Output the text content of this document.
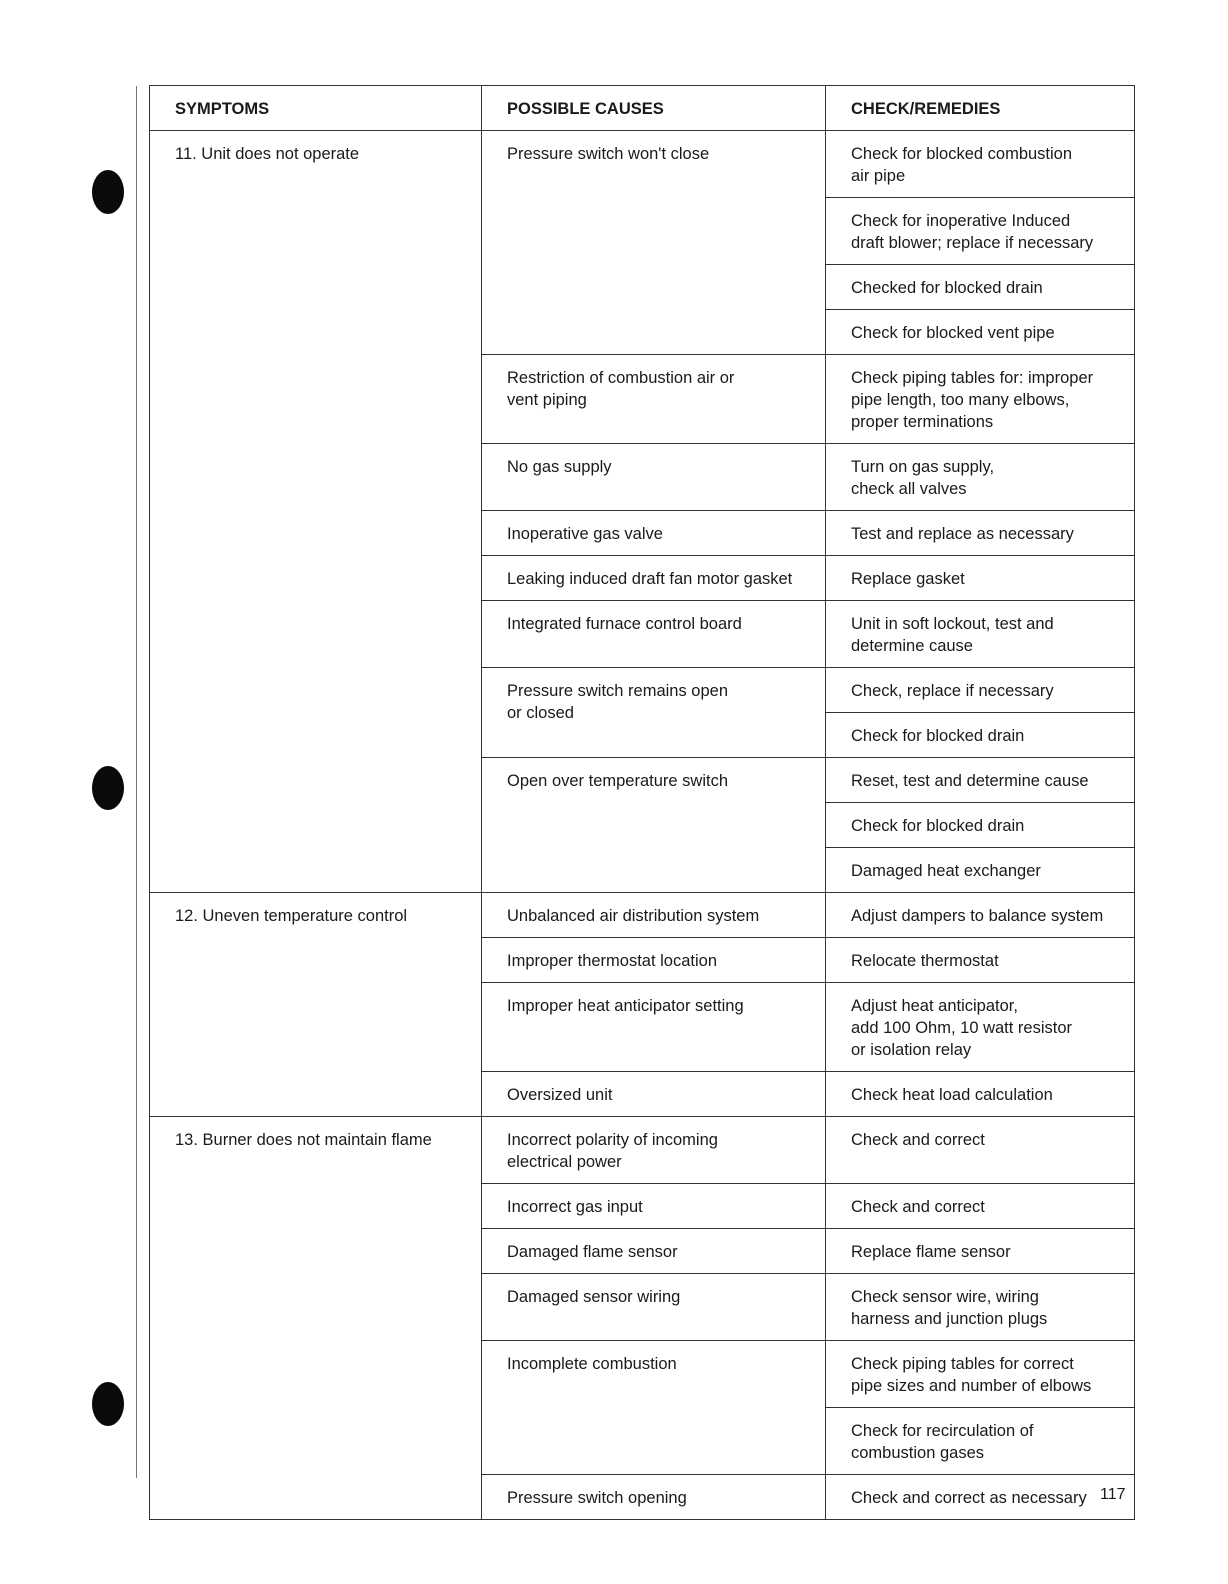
SYMPTOMS	POSSIBLE CAUSES	CHECK/REMEDIES
11. Unit does not operate	Pressure switch won't close	Check for blocked combustion
air pipe
		Check for inoperative Induced
draft blower; replace if necessary
		Checked for blocked drain
		Check for blocked vent pipe
	Restriction of combustion air or
vent piping	Check piping tables for: improper
pipe length, too many elbows,
proper terminations
	No gas supply	Turn on gas supply,
check all valves
	Inoperative gas valve	Test and replace as necessary
	Leaking induced draft fan motor gasket	Replace gasket
	Integrated furnace control board	Unit in soft lockout, test and
determine cause
	Pressure switch remains open
or closed	Check, replace if necessary
		Check for blocked drain
	Open over temperature switch	Reset, test and determine cause
		Check for blocked drain
		Damaged heat exchanger
12. Uneven temperature control	Unbalanced air distribution system	Adjust dampers to balance system
	Improper thermostat location	Relocate thermostat
	Improper heat anticipator setting	Adjust heat anticipator,
add 100 Ohm, 10 watt resistor
or isolation relay
	Oversized unit	Check heat load calculation
13. Burner does not maintain flame	Incorrect polarity of incoming
electrical power	Check and correct
	Incorrect gas input	Check and correct
	Damaged flame sensor	Replace flame sensor
	Damaged sensor wiring	Check sensor wire, wiring
harness and junction plugs
	Incomplete combustion	Check piping tables for correct
pipe sizes and number of elbows
		Check for recirculation of
combustion gases
	Pressure switch opening	Check and correct as necessary 117
